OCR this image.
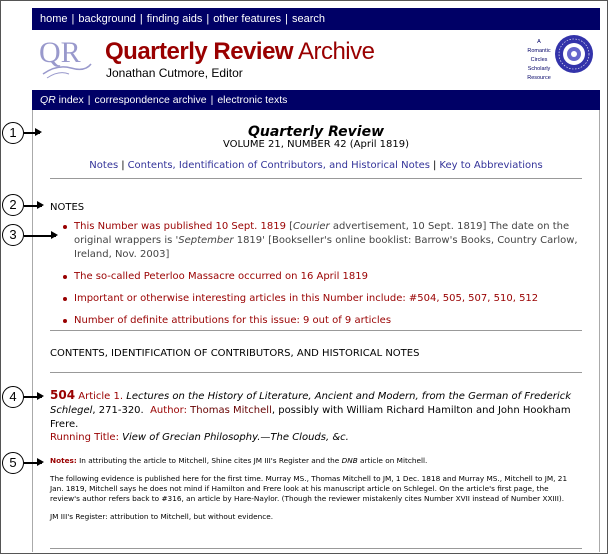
home | background | finding aids | other features | search
QR Quarterly Review Archive
Jonathan Cutmore, Editor
A
Romantic
Circles
Scholarly
Resource
QR index | correspondence archive | electronic texts
1
2
3
4
5
Quarterly Review
VOLUME 21, NUMBER 42 (April 1819)
Notes | Contents, Identification of Contributors, and Historical Notes | Key to Abbreviations
NOTES
This Number was published 10 Sept. 1819 [Courier advertisement, 10 Sept. 1819] The date on the original wrappers is 'September 1819' [Bookseller's online booklist: Barrow's Books, Country Carlow, Ireland, Nov. 2003]
The so-called Peterloo Massacre occurred on 16 April 1819
Important or otherwise interesting articles in this Number include: #504, 505, 507, 510, 512
Number of definite attributions for this issue: 9 out of 9 articles
CONTENTS, IDENTIFICATION OF CONTRIBUTORS, AND HISTORICAL NOTES
504 Article 1. Lectures on the History of Literature, Ancient and Modern, from the German of Frederick Schlegel, 271-320. Author: Thomas Mitchell, possibly with William Richard Hamilton and John Hookham Frere.
Running Title: View of Grecian Philosophy.—The Clouds, &c.

Notes: In attributing the article to Mitchell, Shine cites JM III's Register and the DNB article on Mitchell.

The following evidence is published here for the first time. Murray MS., Thomas Mitchell to JM, 1 Dec. 1818 and Murray MS., Mitchell to JM, 21 Jan. 1819, Mitchell says he does not mind if Hamilton and Frere look at his manuscript article on Schlegel. On the article's first page, the review's author refers back to #316, an article by Hare-Naylor. (Though the reviewer mistakenly cites Number XVII instead of Number XXIII).

JM III's Register: attribution to Mitchell, but without evidence.
